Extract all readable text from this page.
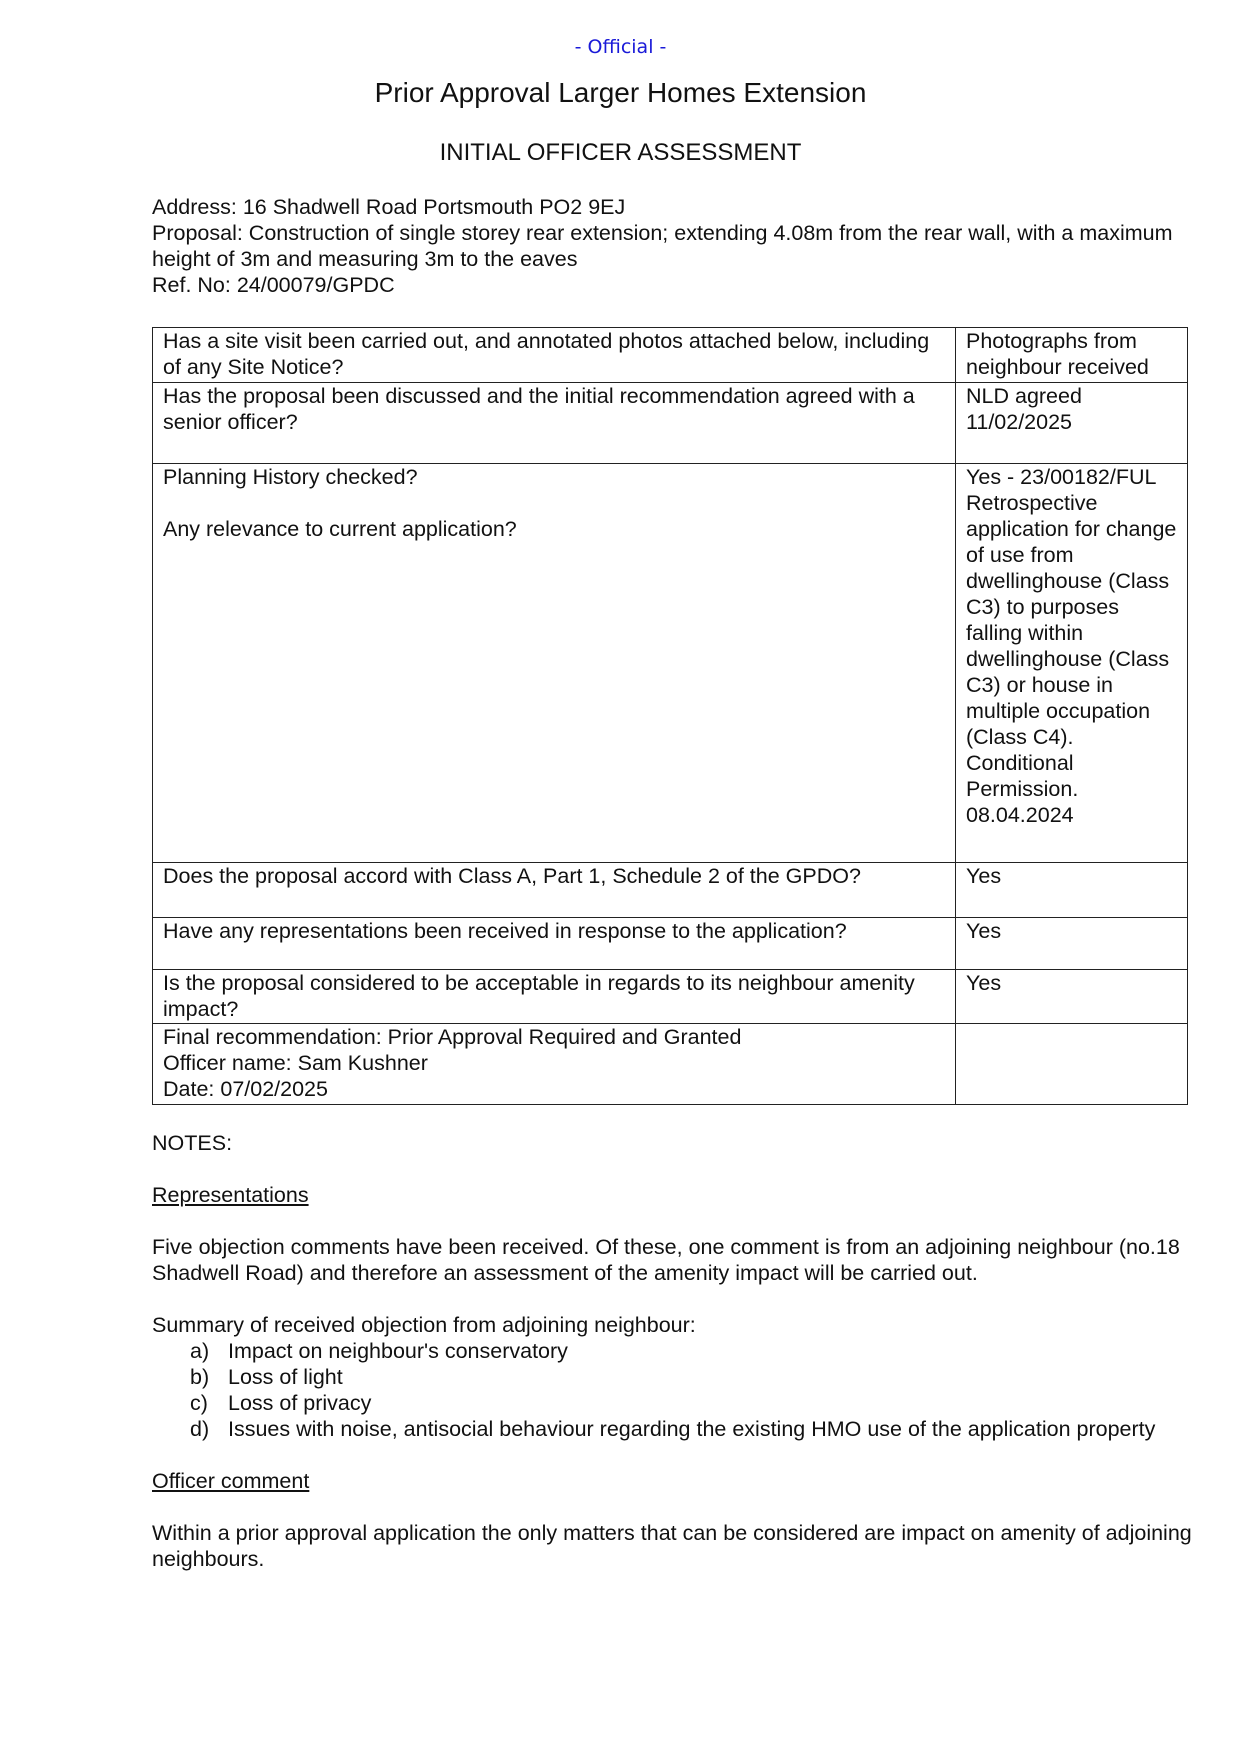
- Official -
Prior Approval Larger Homes Extension
INITIAL OFFICER ASSESSMENT
Address: 16 Shadwell Road Portsmouth PO2 9EJ
Proposal: Construction of single storey rear extension; extending 4.08m from the rear wall, with a maximum height of 3m and measuring 3m to the eaves
Ref. No: 24/00079/GPDC
Has a site visit been carried out, and annotated photos attached below, including of any Site Notice?	Photographs from neighbour received
Has the proposal been discussed and the initial recommendation agreed with a senior officer?	NLD agreed 11/02/2025

Planning History checked?
Any relevance to current application?	Yes - 23/00182/FUL Retrospective application for change of use from dwellinghouse (Class C3) to purposes falling within dwellinghouse (Class C3) or house in multiple occupation (Class C4). Conditional Permission. 08.04.2024
Does the proposal accord with Class A, Part 1, Schedule 2 of the GPDO?	Yes
Have any representations been received in response to the application?	Yes
Is the proposal considered to be acceptable in regards to its neighbour amenity impact?	Yes

Final recommendation: Prior Approval Required and Granted
Officer name: Sam Kushner
Date: 07/02/2025	

NOTES:
Representations
Five objection comments have been received. Of these, one comment is from an adjoining neighbour (no.18 Shadwell Road) and therefore an assessment of the amenity impact will be carried out.
Summary of received objection from adjoining neighbour:
a) Impact on neighbour's conservatory
b) Loss of light
c) Loss of privacy
d) Issues with noise, antisocial behaviour regarding the existing HMO use of the application property
Officer comment
Within a prior approval application the only matters that can be considered are impact on amenity of adjoining neighbours.
